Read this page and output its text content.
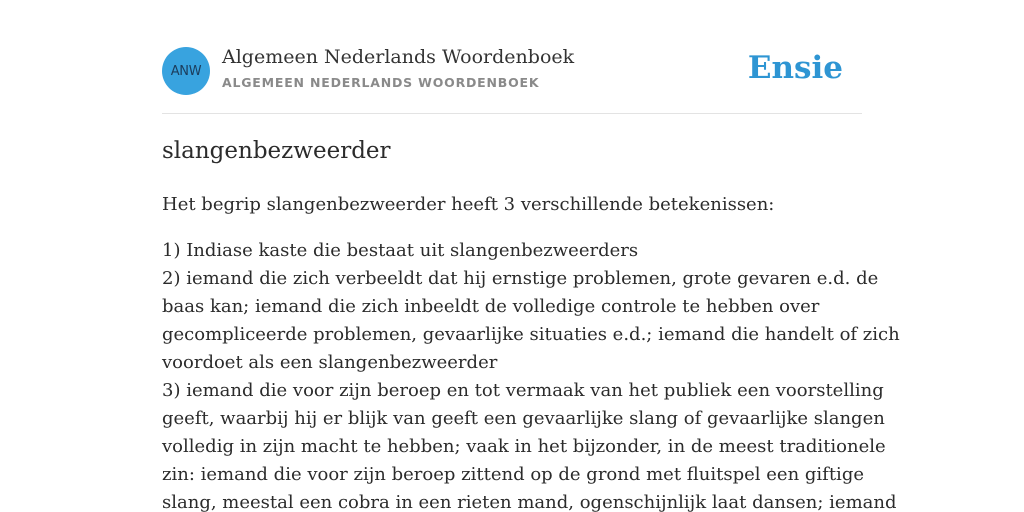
ANW
Algemeen Nederlands Woordenboek
ALGEMEEN NEDERLANDS WOORDENBOEK	Ensie
slangenbezweerder
Het begrip slangenbezweerder heeft 3 verschillende betekenissen:
1) Indiase kaste die bestaat uit slangenbezweerders
2) iemand die zich verbeeldt dat hij ernstige problemen, grote gevaren e.d. de
baas kan; iemand die zich inbeeldt de volledige controle te hebben over
gecompliceerde problemen, gevaarlijke situaties e.d.; iemand die handelt of zich
voordoet als een slangenbezweerder
3) iemand die voor zijn beroep en tot vermaak van het publiek een voorstelling
geeft, waarbij hij er blijk van geeft een gevaarlijke slang of gevaarlijke slangen
volledig in zijn macht te hebben; vaak in het bijzonder, in de meest traditionele
zin: iemand die voor zijn beroep zittend op de grond met fluitspel een giftige
slang, meestal een cobra in een rieten mand, ogenschijnlijk laat dansen; iemand
